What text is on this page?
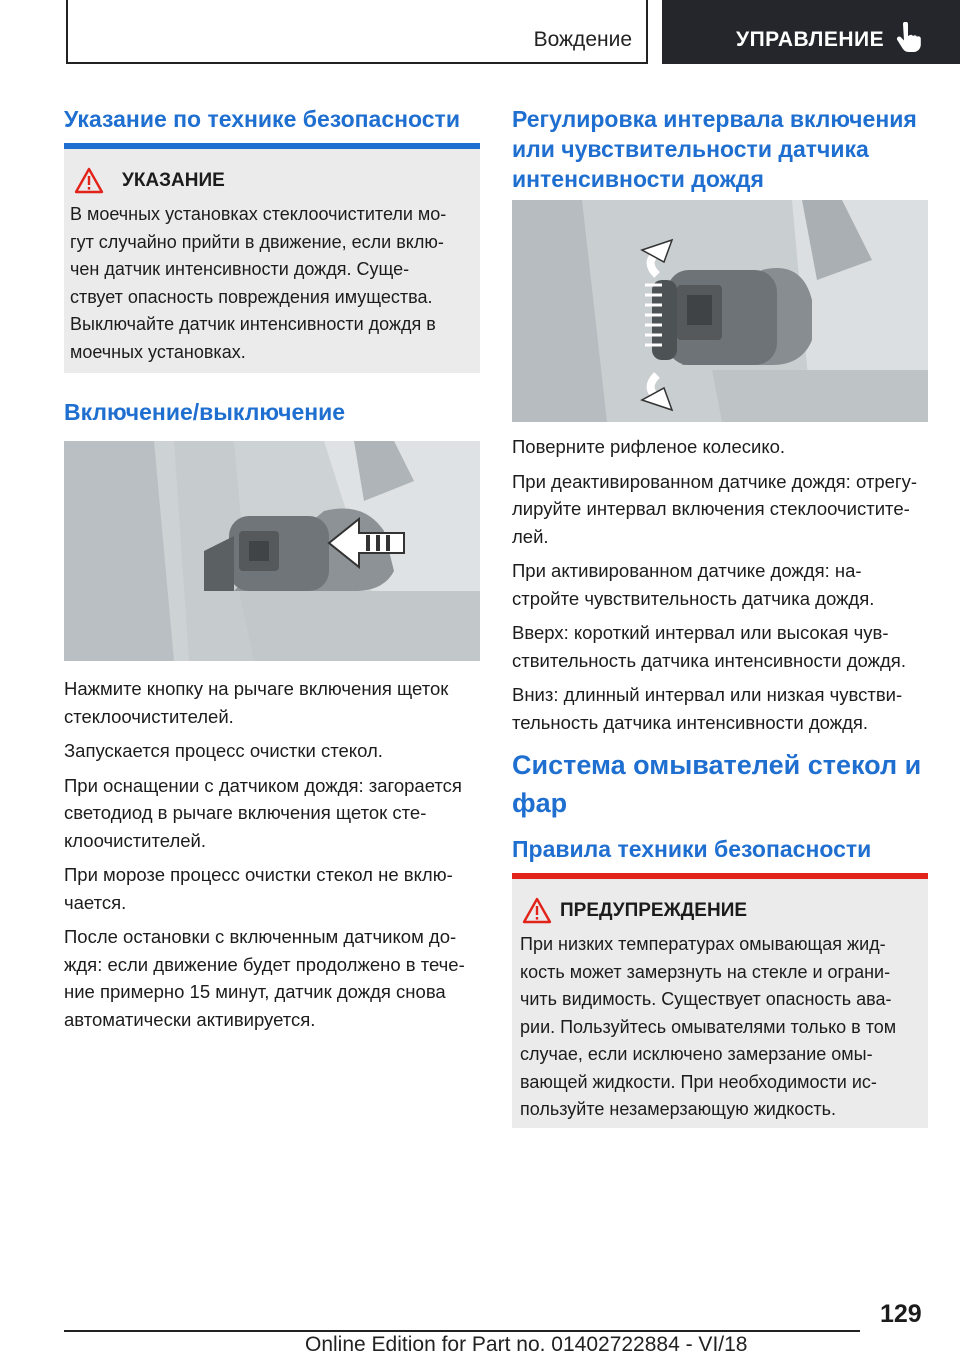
Вождение	УПРАВЛЕНИЕ
Указание по технике безопасности
УКАЗАНИЕ
В моечных установках стеклоочистители мо-
гут случайно прийти в движение, если вклю-
чен датчик интенсивности дождя. Суще-
ствует опасность повреждения имущества.
Выключайте датчик интенсивности дождя в
моечных установках.
Включение/выключение
Нажмите кнопку на рычаге включения щеток
стеклоочистителей.
Запускается процесс очистки стекол.
При оснащении с датчиком дождя: загорается
светодиод в рычаге включения щеток сте-
клоочистителей.
При морозе процесс очистки стекол не вклю-
чается.
После остановки с включенным датчиком до-
ждя: если движение будет продолжено в тече-
ние примерно 15 минут, датчик дождя снова
автоматически активируется.
Регулировка интервала включения
или чувствительности датчика
интенсивности дождя
Поверните рифленое колесико.
При деактивированном датчике дождя: отрегу-
лируйте интервал включения стеклоочистите-
лей.
При активированном датчике дождя: на-
стройте чувствительность датчика дождя.
Вверх: короткий интервал или высокая чув-
ствительность датчика интенсивности дождя.
Вниз: длинный интервал или низкая чувстви-
тельность датчика интенсивности дождя.
Система омывателей стекол и
фар
Правила техники безопасности
ПРЕДУПРЕЖДЕНИЕ
При низких температурах омывающая жид-
кость может замерзнуть на стекле и ограни-
чить видимость. Существует опасность ава-
рии. Пользуйтесь омывателями только в том
случае, если исключено замерзание омы-
вающей жидкости. При необходимости ис-
пользуйте незамерзающую жидкость.
129
Online Edition for Part no. 01402722884 - VI/18
